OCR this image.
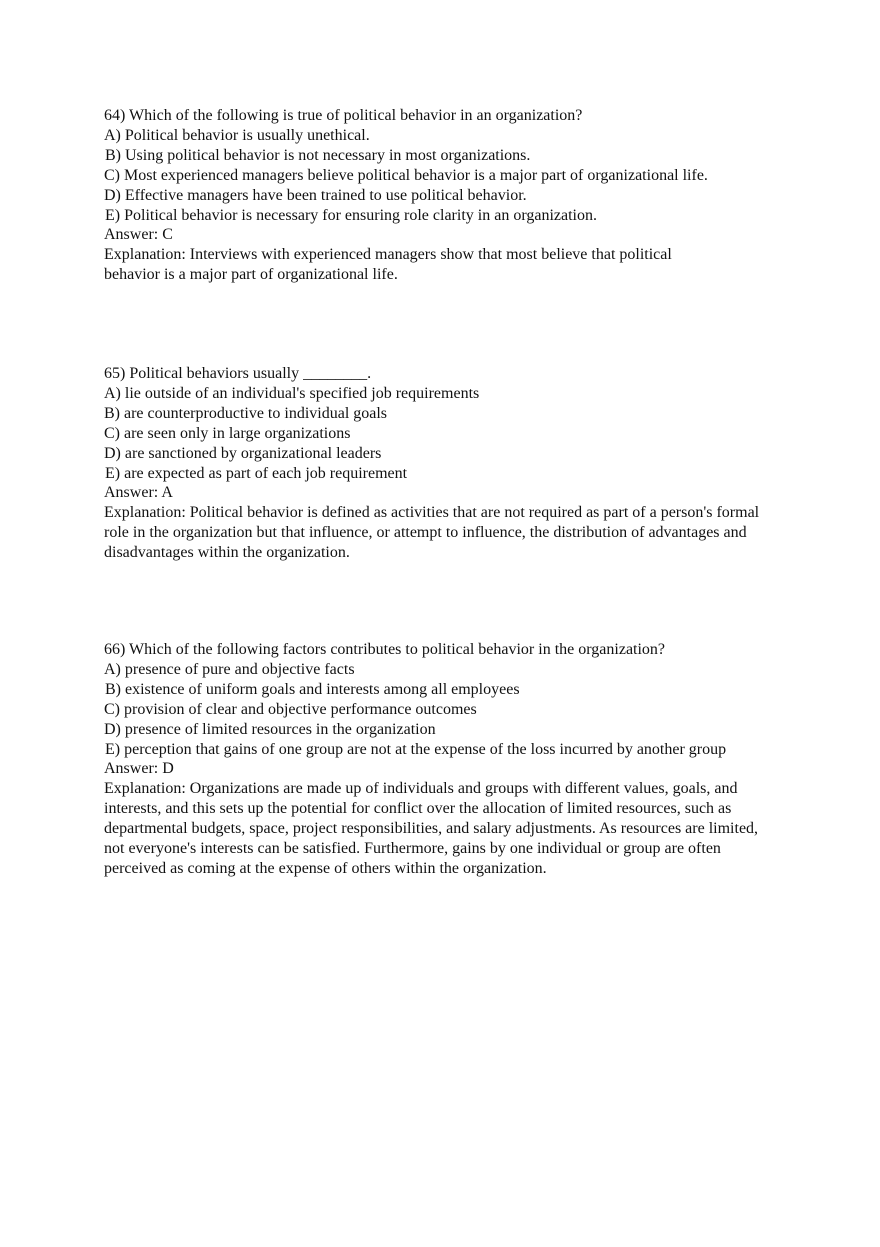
64) Which of the following is true of political behavior in an organization?

A) Political behavior is usually unethical.

B) Using political behavior is not necessary in most organizations.

C) Most experienced managers believe political behavior is a major part of organizational life.

D) Effective managers have been trained to use political behavior.

E) Political behavior is necessary for ensuring role clarity in an organization.

Answer: C

Explanation: Interviews with experienced managers show that most believe that political behavior is a major part of organizational life.

65) Political behaviors usually ________.

A) lie outside of an individual's specified job requirements

B) are counterproductive to individual goals

C) are seen only in large organizations

D) are sanctioned by organizational leaders

E) are expected as part of each job requirement

Answer: A

Explanation: Political behavior is defined as activities that are not required as part of a person's formal role in the organization but that influence, or attempt to influence, the distribution of advantages and disadvantages within the organization.

66) Which of the following factors contributes to political behavior in the organization?

A) presence of pure and objective facts

B) existence of uniform goals and interests among all employees

C) provision of clear and objective performance outcomes

D) presence of limited resources in the organization

E) perception that gains of one group are not at the expense of the loss incurred by another group

Answer: D

Explanation: Organizations are made up of individuals and groups with different values, goals, and interests, and this sets up the potential for conflict over the allocation of limited resources, such as departmental budgets, space, project responsibilities, and salary adjustments. As resources are limited, not everyone's interests can be satisfied. Furthermore, gains by one individual or group are often perceived as coming at the expense of others within the organization.
